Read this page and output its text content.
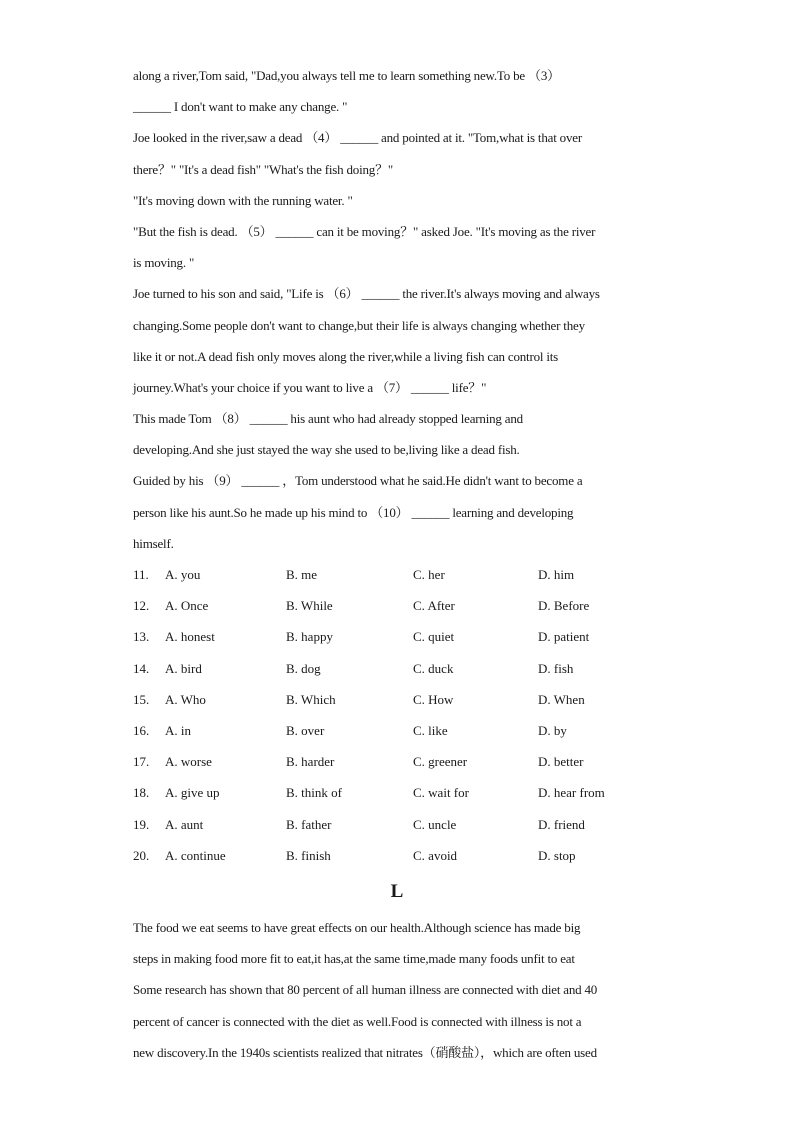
along a river,Tom said, "Dad,you always tell me to learn something new.To be （3）
______ I don't want to make any change. "
Joe looked in the river,saw a dead （4） ______ and pointed at it. "Tom,what is that over
there？" "It's a dead fish" "What's the fish doing？"
"It's moving down with the running water. "
"But the fish is dead. （5） ______ can it be moving？" asked Joe. "It's moving as the river
is moving. "
Joe turned to his son and said, "Life is （6） ______ the river.It's always moving and always
changing.Some people don't want to change,but their life is always changing whether they
like it or not.A dead fish only moves along the river,while a living fish can control its
journey.What's your choice if you want to live a （7） ______ life？"
This made Tom （8） ______ his aunt who had already stopped learning and
developing.And she just stayed the way she used to be,living like a dead fish.
Guided by his （9） ______ ，Tom understood what he said.He didn't want to become a
person like his aunt.So he made up his mind to （10） ______ learning and developing
himself.
11. A. you	B. me	C. her	D. him
12. A. Once	B. While	C. After	D. Before
13. A. honest	B. happy	C. quiet	D. patient
14. A. bird	B. dog	C. duck	D. fish
15. A. Who	B. Which	C. How	D. When
16. A. in	B. over	C. like	D. by
17. A. worse	B. harder	C. greener	D. better
18. A. give up	B. think of	C. wait for	D. hear from
19. A. aunt	B. father	C. uncle	D. friend
20. A. continue	B. finish	C. avoid	D. stop
L
The food we eat seems to have great effects on our health.Although science has made big
steps in making food more fit to eat,it has,at the same time,made many foods unfit to eat
Some research has shown that 80 percent of all human illness are connected with diet and 40
percent of cancer is connected with the diet as well.Food is connected with illness is not a
new discovery.In the 1940s scientists realized that nitrates（硝酸盐），which are often used
